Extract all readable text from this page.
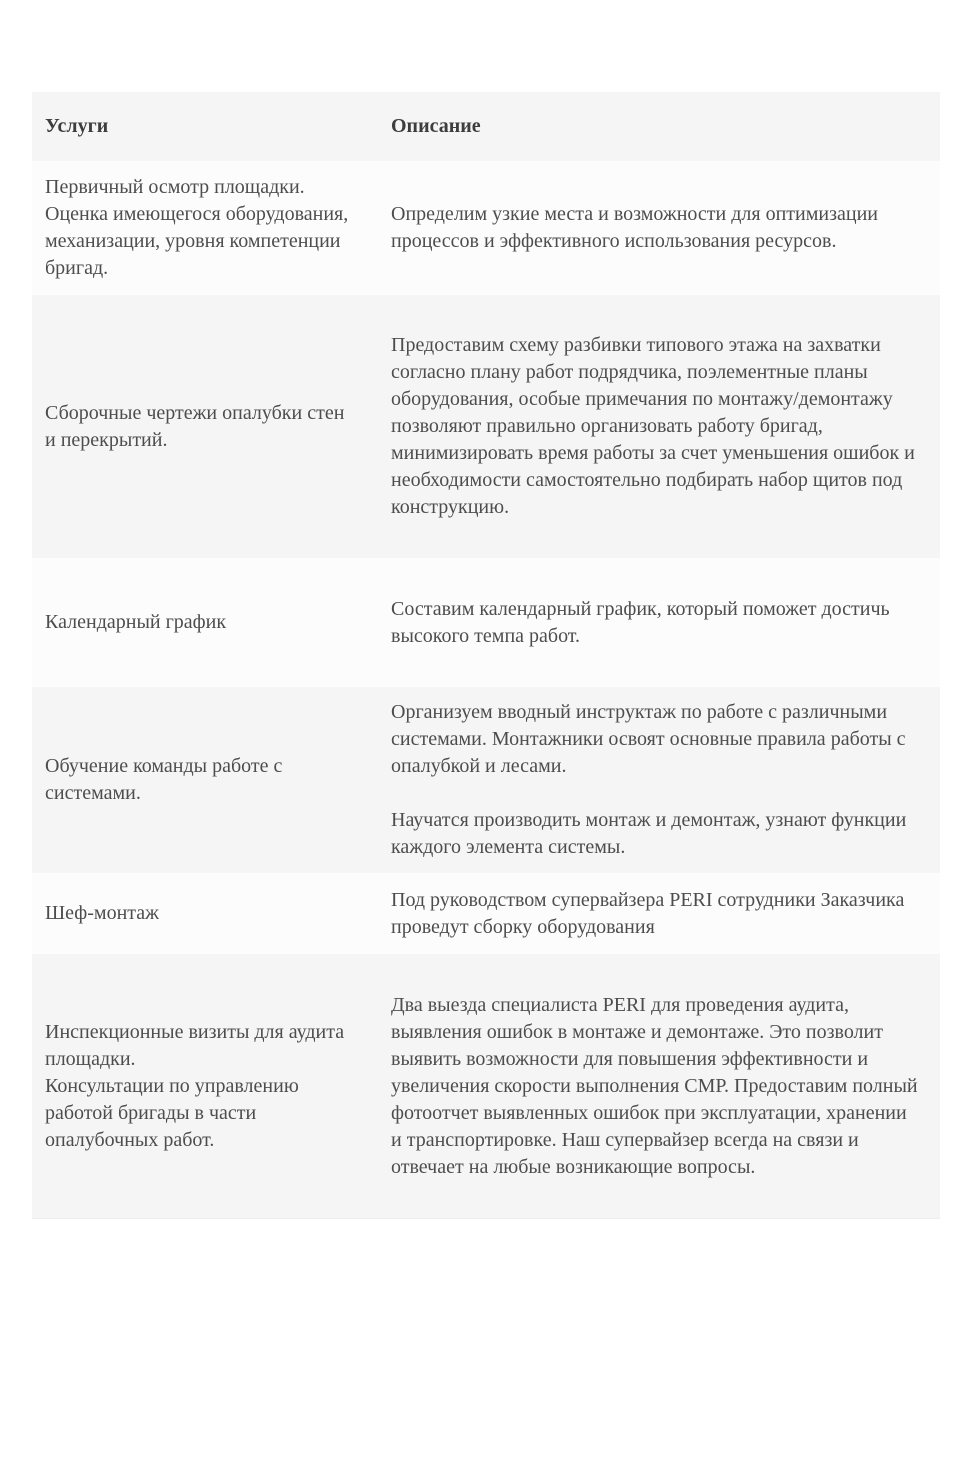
Услуги	Описание

Первичный осмотр площадки.

Оценка имеющегося оборудования, механизации, уровня компетенции бригад.

Определим узкие места и возможности для оптимизации процессов и эффективного использования ресурсов.

Сборочные чертежи опалубки стен и перекрытий.

Предоставим схему разбивки типового этажа на захватки согласно плану работ подрядчика, поэлементные планы оборудования, особые примечания по монтажу/демонтажу позволяют правильно организовать работу бригад, минимизировать время работы за счет уменьшения ошибок и необходимости самостоятельно подбирать набор щитов под конструкцию.

Календарный график

Составим календарный график, который поможет достичь высокого темпа работ.

Обучение команды работе с системами.

Организуем вводный инструктаж по работе с различными системами. Монтажники освоят основные правила работы с опалубкой и лесами.

Научатся производить монтаж и демонтаж, узнают функции каждого элемента системы.

Шеф-монтаж

Под руководством супервайзера PERI сотрудники Заказчика проведут сборку оборудования

Инспекционные визиты для аудита площадки.

Консультации по управлению работой бригады в части опалубочных работ.

Два выезда специалиста PERI для проведения аудита, выявления ошибок в монтаже и демонтаже. Это позволит выявить возможности для повышения эффективности и увеличения скорости выполнения СМР. Предоставим полный фотоотчет выявленных ошибок при эксплуатации, хранении и транспортировке. Наш супервайзер всегда на связи и отвечает на любые возникающие вопросы.
